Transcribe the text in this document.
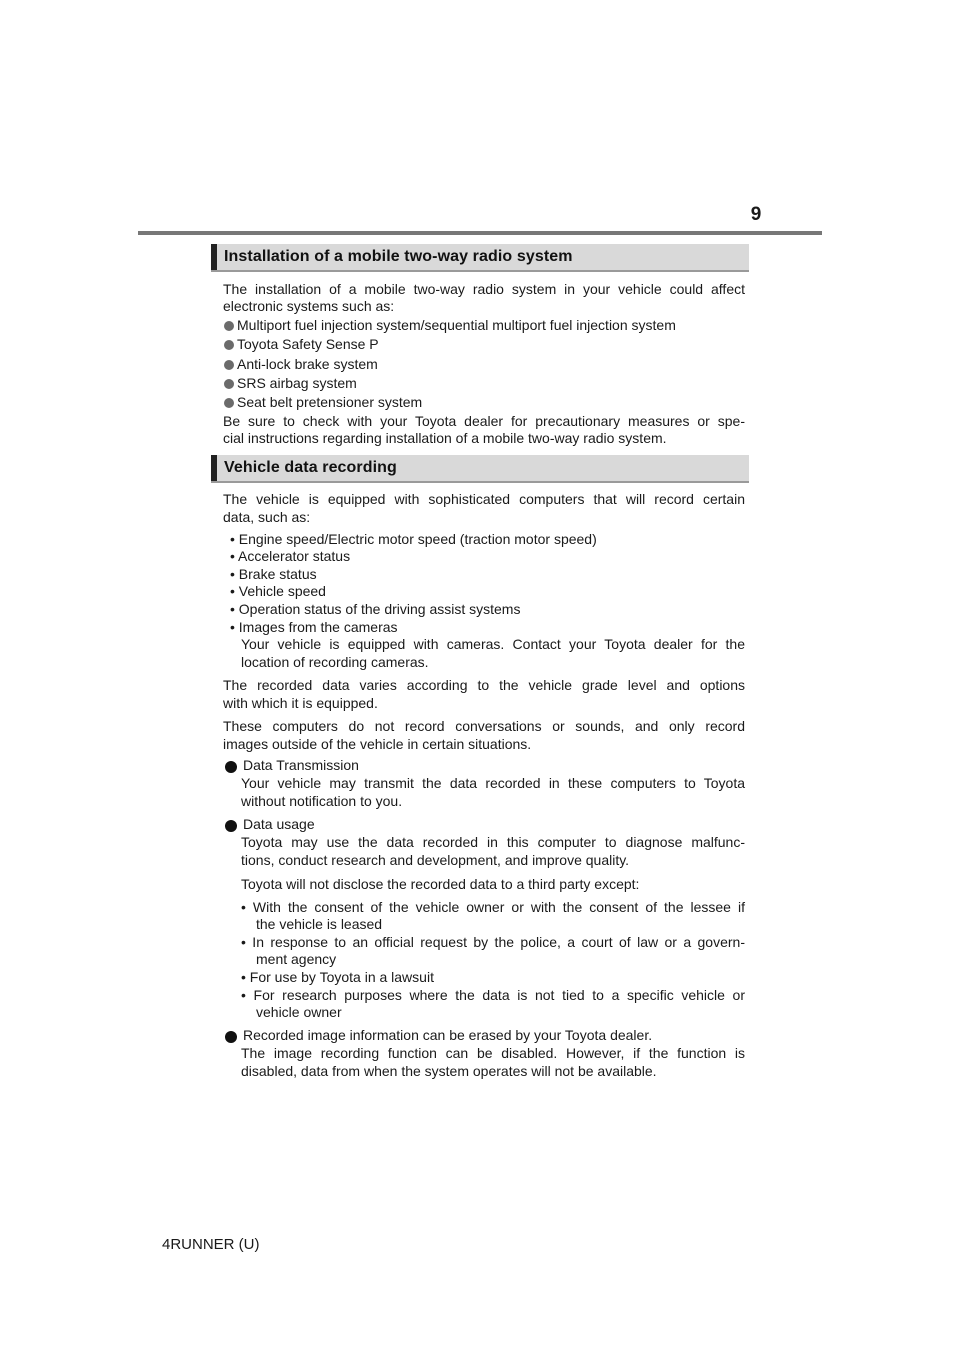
9
Installation of a mobile two-way radio system
The installation of a mobile two-way radio system in your vehicle could affect
electronic systems such as:
Multiport fuel injection system/sequential multiport fuel injection system
Toyota Safety Sense P
Anti-lock brake system
SRS airbag system
Seat belt pretensioner system
Be sure to check with your Toyota dealer for precautionary measures or spe-
cial instructions regarding installation of a mobile two-way radio system.
Vehicle data recording
The vehicle is equipped with sophisticated computers that will record certain
data, such as:
• Engine speed/Electric motor speed (traction motor speed)
• Accelerator status
• Brake status
• Vehicle speed
• Operation status of the driving assist systems
• Images from the cameras
Your vehicle is equipped with cameras. Contact your Toyota dealer for the
location of recording cameras.
The recorded data varies according to the vehicle grade level and options
with which it is equipped.
These computers do not record conversations or sounds, and only record
images outside of the vehicle in certain situations.
Data Transmission
Your vehicle may transmit the data recorded in these computers to Toyota
without notification to you.
Data usage
Toyota may use the data recorded in this computer to diagnose malfunc-
tions, conduct research and development, and improve quality.
Toyota will not disclose the recorded data to a third party except:
• With the consent of the vehicle owner or with the consent of the lessee if
the vehicle is leased
• In response to an official request by the police, a court of law or a govern-
ment agency
• For use by Toyota in a lawsuit
• For research purposes where the data is not tied to a specific vehicle or
vehicle owner
Recorded image information can be erased by your Toyota dealer.
The image recording function can be disabled. However, if the function is
disabled, data from when the system operates will not be available.
4RUNNER (U)
